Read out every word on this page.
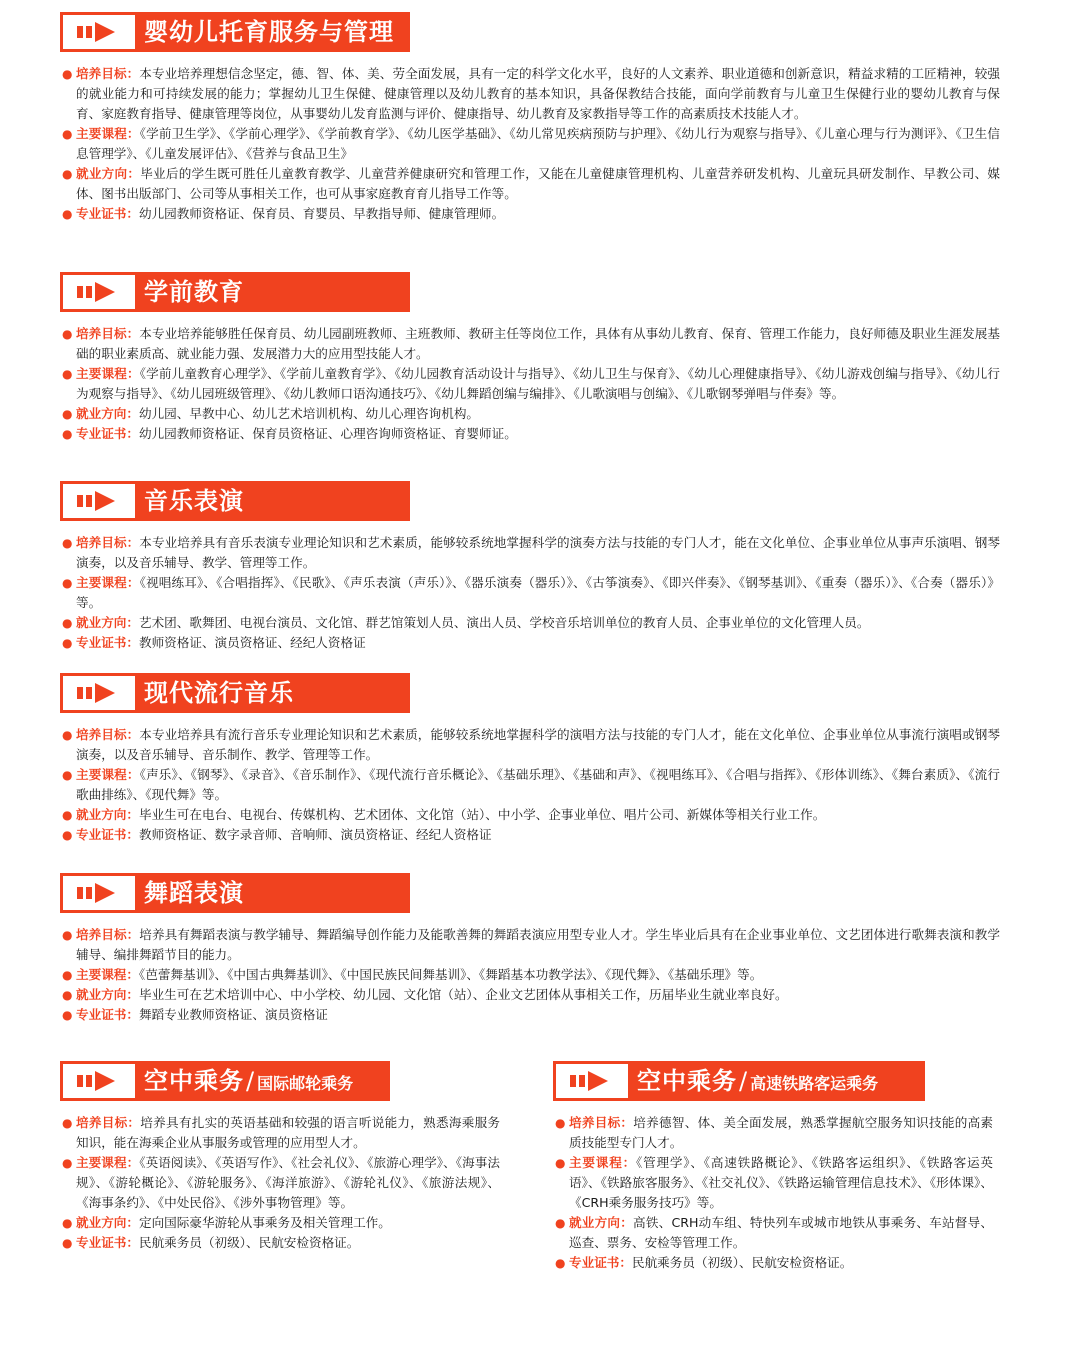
婴幼儿托育服务与管理
● 培养目标：本专业培养理想信念坚定，德、智、体、美、劳全面发展，具有一定的科学文化水平，良好的人文素养、职业道德和创新意识，精益求精的工匠精神，较强的就业能力和可持续发展的能力；掌握幼儿卫生保健、健康管理以及幼儿教育的基本知识，具备保教结合技能，面向学前教育与儿童卫生保健行业的婴幼儿教育与保育、家庭教育指导、健康管理等岗位，从事婴幼儿发育监测与评价、健康指导、幼儿教育及家教指导等工作的高素质技术技能人才。
● 主要课程：《学前卫生学》、《学前心理学》、《学前教育学》、《幼儿医学基础》、《幼儿常见疾病预防与护理》、《幼儿行为观察与指导》、《儿童心理与行为测评》、《卫生信息管理学》、《儿童发展评估》、《营养与食品卫生》
● 就业方向：毕业后的学生既可胜任儿童教育教学、儿童营养健康研究和管理工作，又能在儿童健康管理机构、儿童营养研发机构、儿童玩具研发制作、早教公司、媒体、图书出版部门、公司等从事相关工作，也可从事家庭教育育儿指导工作等。
● 专业证书：幼儿园教师资格证、保育员、育婴员、早教指导师、健康管理师。
学前教育
● 培养目标：本专业培养能够胜任保育员、幼儿园副班教师、主班教师、教研主任等岗位工作，具体有从事幼儿教育、保育、管理工作能力，良好师德及职业生涯发展基础的职业素质高、就业能力强、发展潜力大的应用型技能人才。
● 主要课程：《学前儿童教育心理学》、《学前儿童教育学》、《幼儿园教育活动设计与指导》、《幼儿卫生与保育》、《幼儿心理健康指导》、《幼儿游戏创编与指导》、《幼儿行为观察与指导》、《幼儿园班级管理》、《幼儿教师口语沟通技巧》、《幼儿舞蹈创编与编排》、《儿歌演唱与创编》、《儿歌钢琴弹唱与伴奏》等。
● 就业方向：幼儿园、早教中心、幼儿艺术培训机构、幼儿心理咨询机构。
● 专业证书：幼儿园教师资格证、保育员资格证、心理咨询师资格证、育婴师证。
音乐表演
● 培养目标：本专业培养具有音乐表演专业理论知识和艺术素质，能够较系统地掌握科学的演奏方法与技能的专门人才，能在文化单位、企事业单位从事声乐演唱、钢琴演奏，以及音乐辅导、教学、管理等工作。
● 主要课程：《视唱练耳》、《合唱指挥》、《民歌》、《声乐表演（声乐）》、《器乐演奏（器乐）》、《古筝演奏》、《即兴伴奏》、《钢琴基训》、《重奏（器乐）》、《合奏（器乐）》等。
● 就业方向：艺术团、歌舞团、电视台演员、文化馆、群艺馆策划人员、演出人员、学校音乐培训单位的教育人员、企事业单位的文化管理人员。
● 专业证书：教师资格证、演员资格证、经纪人资格证
现代流行音乐
● 培养目标：本专业培养具有流行音乐专业理论知识和艺术素质，能够较系统地掌握科学的演唱方法与技能的专门人才，能在文化单位、企事业单位从事流行演唱或钢琴演奏，以及音乐辅导、音乐制作、教学、管理等工作。
● 主要课程：《声乐》、《钢琴》、《录音》、《音乐制作》、《现代流行音乐概论》、《基础乐理》、《基础和声》、《视唱练耳》、《合唱与指挥》、《形体训练》、《舞台素质》、《流行歌曲排练》、《现代舞》等。
● 就业方向：毕业生可在电台、电视台、传媒机构、艺术团体、文化馆（站）、中小学、企事业单位、唱片公司、新媒体等相关行业工作。
● 专业证书：教师资格证、数字录音师、音响师、演员资格证、经纪人资格证
舞蹈表演
● 培养目标：培养具有舞蹈表演与教学辅导、舞蹈编导创作能力及能歌善舞的舞蹈表演应用型专业人才。学生毕业后具有在企业事业单位、文艺团体进行歌舞表演和教学辅导、编排舞蹈节目的能力。
● 主要课程：《芭蕾舞基训》、《中国古典舞基训》、《中国民族民间舞基训》、《舞蹈基本功教学法》、《现代舞》、《基础乐理》等。
● 就业方向：毕业生可在艺术培训中心、中小学校、幼儿园、文化馆（站）、企业文艺团体从事相关工作，历届毕业生就业率良好。
● 专业证书：舞蹈专业教师资格证、演员资格证
空中乘务/ 国际邮轮乘务
● 培养目标：培养具有扎实的英语基础和较强的语言听说能力，熟悉海乘服务知识，能在海乘企业从事服务或管理的应用型人才。
● 主要课程：《英语阅读》、《英语写作》、《社会礼仪》、《旅游心理学》、《海事法规》、《游轮概论》、《游轮服务》、《海洋旅游》、《游轮礼仪》、《旅游法规》、《海事条约》、《中处民俗》、《涉外事物管理》等。
● 就业方向：定向国际豪华游轮从事乘务及相关管理工作。
● 专业证书：民航乘务员（初级）、民航安检资格证。
空中乘务/ 高速铁路客运乘务
● 培养目标：培养德智、体、美全面发展，熟悉掌握航空服务知识技能的高素质技能型专门人才。
● 主要课程：《管理学》、《高速铁路概论》、《铁路客运组织》、《铁路客运英语》、《铁路旅客服务》、《社交礼仪》、《铁路运输管理信息技术》、《形体课》、《CRH乘务服务技巧》等。
● 就业方向：高铁、CRH动车组、特快列车或城市地铁从事乘务、车站督导、巡查、票务、安检等管理工作。
● 专业证书：民航乘务员（初级）、民航安检资格证。
